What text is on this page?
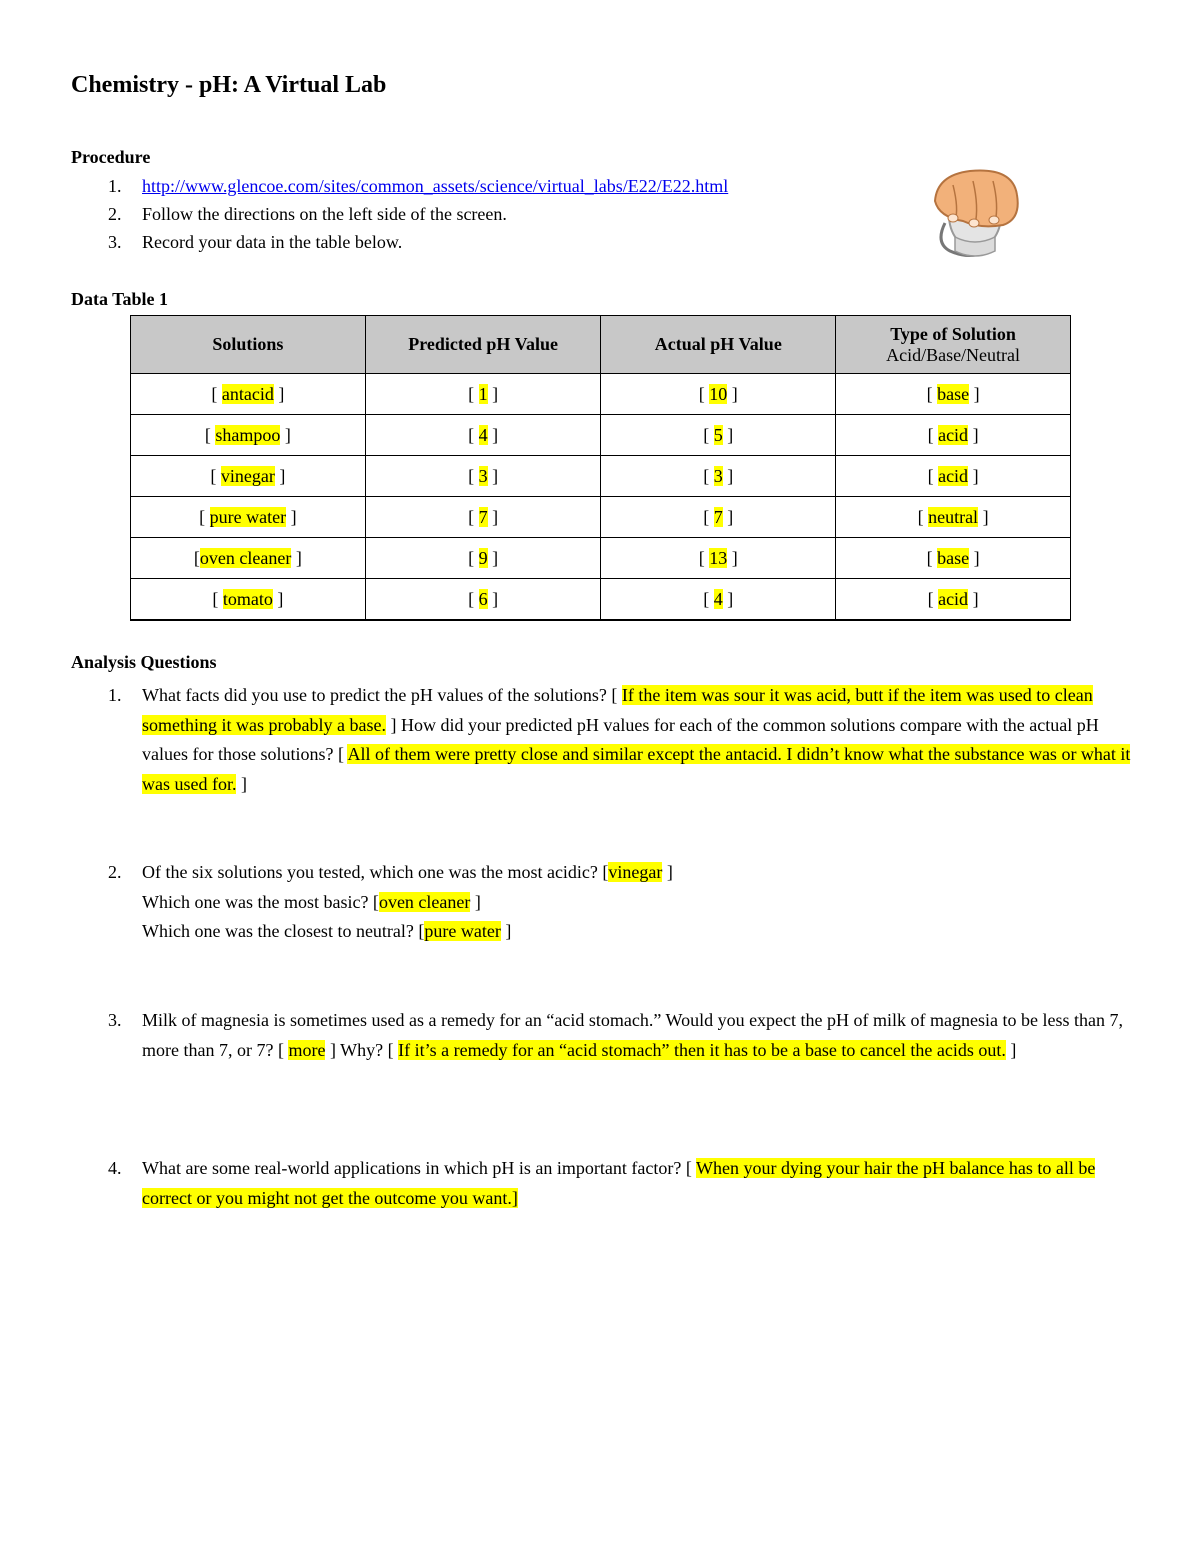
Chemistry - pH: A Virtual Lab
Procedure
1. http://www.glencoe.com/sites/common_assets/science/virtual_labs/E22/E22.html
2. Follow the directions on the left side of the screen.
3. Record your data in the table below.
Data Table 1
Solutions	Predicted pH Value	Actual pH Value	Type of Solution
Acid/Base/Neutral

[ antacid ]	[ 1 ]	[ 10 ]	[ base ]
[ shampoo ]	[ 4 ]	[ 5 ]	[ acid ]
[ vinegar ]	[ 3 ]	[ 3 ]	[ acid ]
[ pure water ]	[ 7 ]	[ 7 ]	[ neutral ]
[oven cleaner ]	[ 9 ]	[ 13 ]	[ base ]
[ tomato ]	[ 6 ]	[ 4 ]	[ acid ]
Analysis Questions
1. What facts did you use to predict the pH values of the solutions? [ If the item was sour it was acid, butt if the item was used to clean something it was probably a base. ] How did your predicted pH values for each of the common solutions compare with the actual pH values for those solutions? [ All of them were pretty close and similar except the antacid. I didn’t know what the substance was or what it was used for. ]
2. Of the six solutions you tested, which one was the most acidic? [vinegar ]
Which one was the most basic? [oven cleaner ]
Which one was the closest to neutral? [pure water ]
3. Milk of magnesia is sometimes used as a remedy for an “acid stomach.” Would you expect the pH of milk of magnesia to be less than 7, more than 7, or 7? [ more ] Why? [ If it’s a remedy for an “acid stomach” then it has to be a base to cancel the acids out. ]
4. What are some real-world applications in which pH is an important factor? [ When your dying your hair the pH balance has to all be correct or you might not get the outcome you want.]
